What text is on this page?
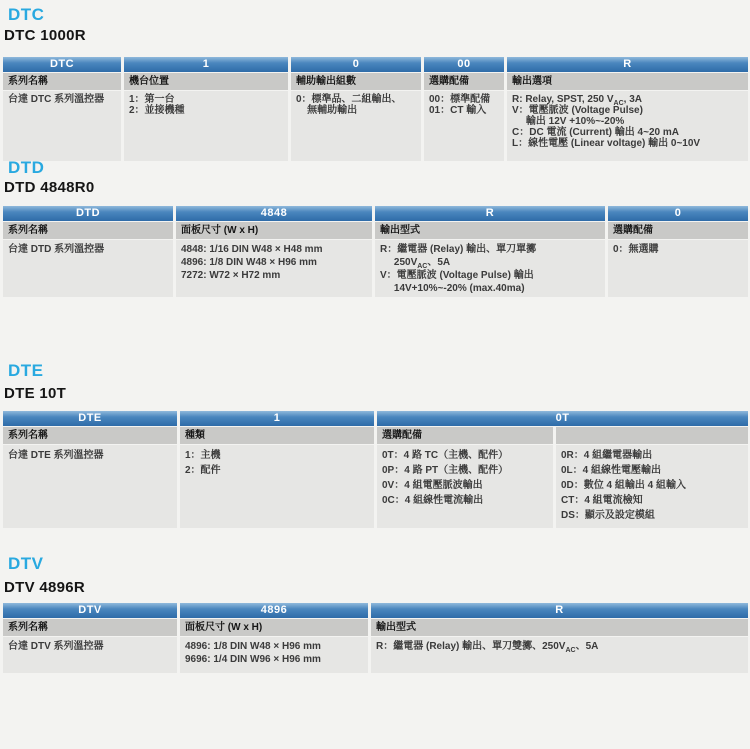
DTC
DTC 1000R
DTC
系列名稱
台達 DTC 系列溫控器
1
機台位置
1：第一台
2：並接機種
0
輔助輸出組數
0：標準品、二組輸出、
無輔助輸出
00
選購配備
00：標準配備
01：CT 輸入
R
輸出選項
R: Relay, SPST, 250 $V_{AC}$, 3A
V：電壓脈波 (Voltage Pulse)
輸出 12V +10%~-20%
C：DC 電流 (Current) 輸出 4~20 mA
L：線性電壓 (Linear voltage) 輸出 0~10V
DTD
DTD 4848R0
DTD
系列名稱
台達 DTD 系列溫控器
4848
面板尺寸 (W x H)
4848: 1/16 DIN W48 × H48 mm
4896: 1/8 DIN W48 × H96 mm
7272: W72 × H72 mm
R
輸出型式
R：繼電器 (Relay) 輸出、單刀單擲
$250V_{AC}$、5A
V：電壓脈波 (Voltage Pulse) 輸出
14V+10%~-20% (max.40ma)
0
選購配備
0：無選購
DTE
DTE 10T
DTE
系列名稱
台達 DTE 系列溫控器
1
種類
1：主機
2：配件
0T
選購配備
0T：4 路 TC（主機、配件）
0P：4 路 PT（主機、配件）
0V：4 組電壓脈波輸出
0C：4 組線性電流輸出
0R：4 組繼電器輸出
0L：4 組線性電壓輸出
0D：數位 4 組輸出 4 組輸入
CT：4 組電流檢知
DS：顯示及設定模組
DTV
DTV 4896R
DTV
系列名稱
台達 DTV 系列溫控器
4896
面板尺寸 (W x H)
4896: 1/8 DIN W48 × H96 mm
9696: 1/4 DIN W96 × H96 mm
R
輸出型式
R：繼電器 (Relay) 輸出、單刀雙擲、$250V_{AC}$、5A
